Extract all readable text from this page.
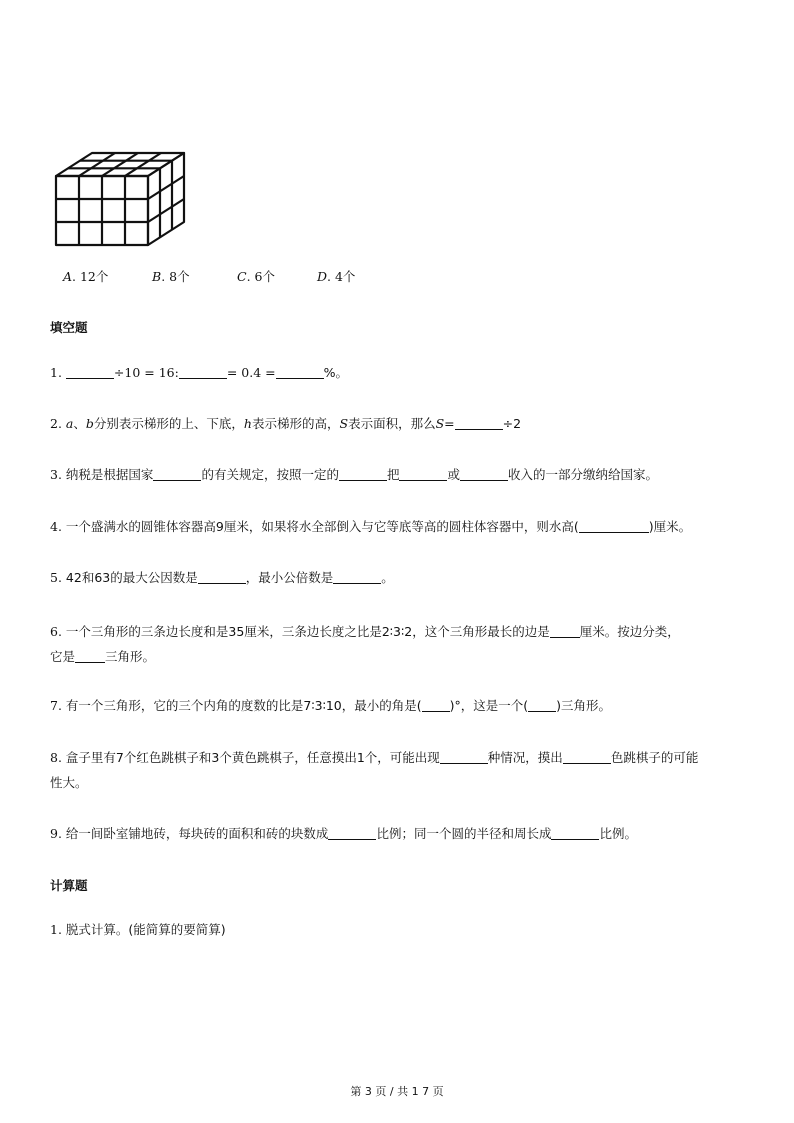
A. 12个	B. 8个	C. 6个	D. 4个
填空题
1.	÷10 = 16:	= 0.4 =	%。
2. a、b分别表示梯形的上、下底，h表示梯形的高，S表示面积，那么S=	÷2
3. 纳税是根据国家	的有关规定，按照一定的	把	或	收入的一部分缴纳给国家。
4. 一个盛满水的圆锥体容器高9厘米，如果将水全部倒入与它等底等高的圆柱体容器中，则水高(	)厘米。
5. 42和63的最大公因数是	，最小公倍数是	。
6. 一个三角形的三条边长度和是35厘米，三条边长度之比是2∶3∶2，这个三角形最长的边是 厘米。按边分类，
它是 三角形。
7. 有一个三角形，它的三个内角的度数的比是7∶3∶10，最小的角是( )°，这是一个( )三角形。
8. 盒子里有7个红色跳棋子和3个黄色跳棋子，任意摸出1个，可能出现	种情况，摸出	色跳棋子的可能
性大。
9. 给一间卧室铺地砖，每块砖的面积和砖的块数成	比例；同一个圆的半径和周长成	比例。
计算题
1. 脱式计算。(能简算的要简算)
第 3 页 / 共 1 7 页
